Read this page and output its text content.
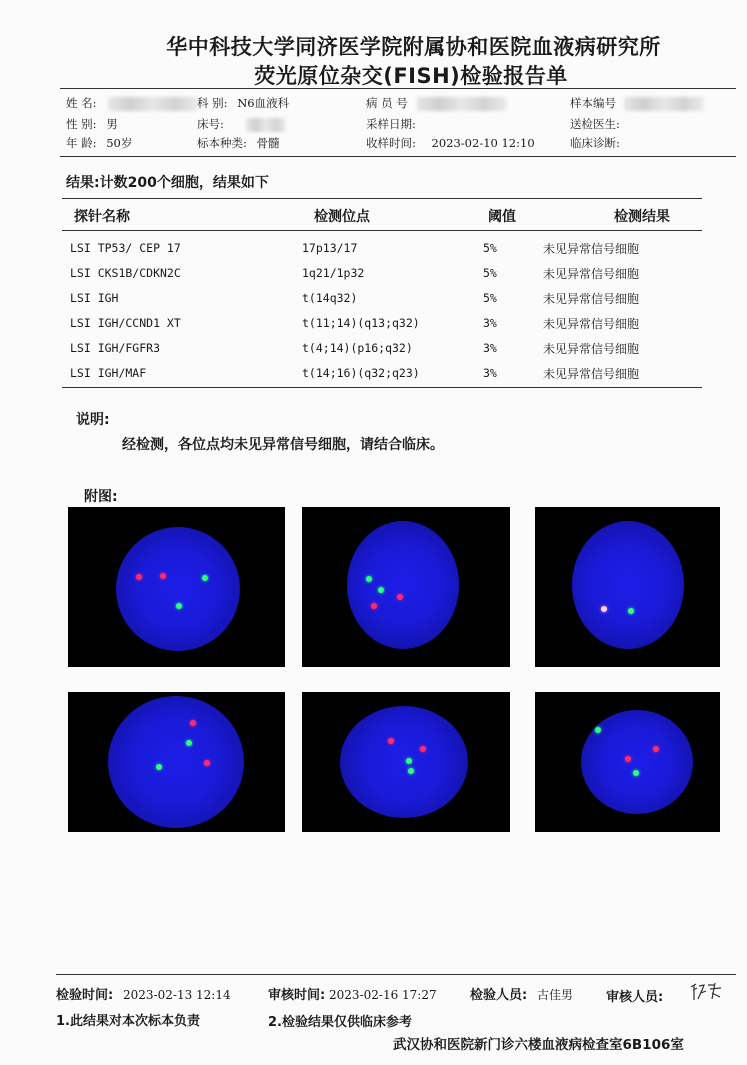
华中科技大学同济医学院附属协和医院血液病研究所
荧光原位杂交(FISH)检验报告单
姓 名:	科 别: N6血液科	病 员 号	样本编号
性 别: 男	床号:	采样日期:	送检医生:
年 龄: 50岁	标本种类: 骨髓	收样时间: 2023-02-10 12:10	临床诊断:
结果:计数200个细胞，结果如下
探针名称	检测位点	阈值	检测结果
LSI TP53/ CEP 17	17p13/17	5%	未见异常信号细胞
LSI CKS1B/CDKN2C	1q21/1p32	5%	未见异常信号细胞
LSI IGH	t(14q32)	5%	未见异常信号细胞
LSI IGH/CCND1 XT	t(11;14)(q13;q32)	3%	未见异常信号细胞
LSI IGH/FGFR3	t(4;14)(p16;q32)	3%	未见异常信号细胞
LSI IGH/MAF	t(14;16)(q32;q23)	3%	未见异常信号细胞
说明:
经检测，各位点均未见异常信号细胞，请结合临床。
附图:
检验时间: 2023-02-13 12:14	审核时间: 2023-02-16 17:27	检验人员: 古佳男	审核人员:
1.此结果对本次标本负责	2.检验结果仅供临床参考
武汉协和医院新门诊六楼血液病检查室6B106室
